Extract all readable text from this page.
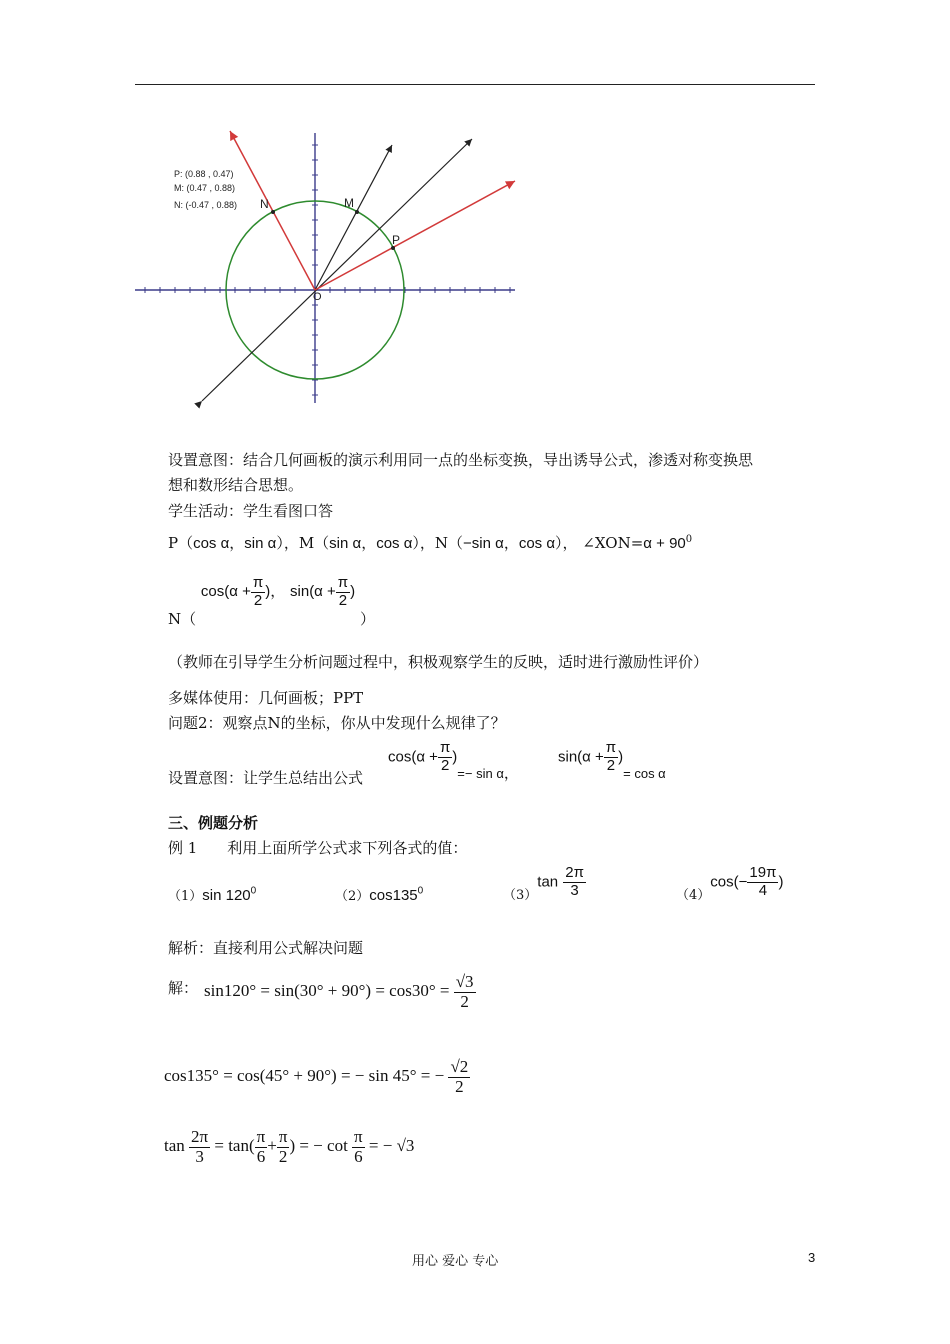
N	M
P
O
P: (0.88 , 0.47)
M: (0.47 , 0.88)
N: (-0.47 , 0.88)
设置意图：结合几何画板的演示利用同一点的坐标变换，导出诱导公式，渗透对称变换思
想和数形结合思想。
学生活动：学生看图口答
P（cos α，sin α），M（sin α，cos α），N（−sin α，cos α）， ∠XON=α + $90^0$
N（ $\cos(\alpha + \frac{\pi}{2}$ )， $\sin(\alpha + \frac{\pi}{2}$ ) ）
（教师在引导学生分析问题过程中，积极观察学生的反映，适时进行激励性评价）
多媒体使用：几何画板；PPT
问题2：观察点N的坐标，你从中发现什么规律了？
设置意图：让学生总结出公式
$\cos(\alpha + \frac{\pi}{2} )_{=- sin \alpha}$，
$\sin(\alpha + \frac{\pi}{2} )_{= cos \alpha}$
三、例题分析
例 1　　利用上面所学公式求下列各式的值：
（1）sin $120^0$	$(2)\cos 135^0$	$_{(3)}\tan \frac{2\pi}{3}$	$_{(4)}\cos(- \frac{19\pi}{4}$ )
解析：直接利用公式解决问题
解： $\sin 120^\circ = \sin(30^\circ + 90^\circ) = \cos 30^\circ = \frac{√3}{2}$
cos135° = cos(45° + 90°) = − sin 45° = − $\frac{√2}{2}$
$\tan \frac{2\pi}{3} = \tan( \frac{\pi}{6} + \frac{\pi}{2}$ ) = − $\cot \frac{\pi}{6}$ = − √3
用心 爱心 专心	3
